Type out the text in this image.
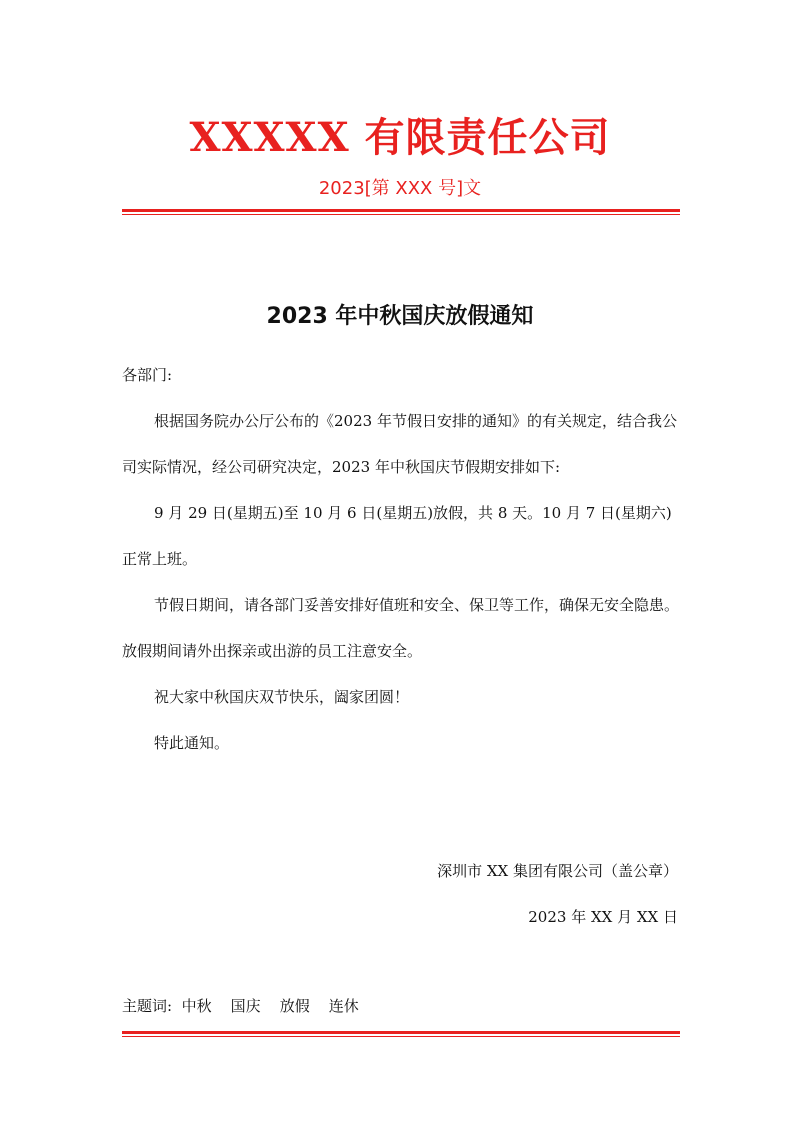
XXXXX 有限责任公司
2023[第 XXX 号]文
2023 年中秋国庆放假通知

各部门:

根据国务院办公厅公布的《2023 年节假日安排的通知》的有关规定，结合我公司实际情况，经公司研究决定，2023 年中秋国庆节假期安排如下:

9 月 29 日(星期五)至 10 月 6 日(星期五)放假，共 8 天。10 月 7 日(星期六)正常上班。

节假日期间，请各部门妥善安排好值班和安全、保卫等工作，确保无安全隐患。放假期间请外出探亲或出游的员工注意安全。

祝大家中秋国庆双节快乐，阖家团圆！

特此通知。

深圳市 XX 集团有限公司（盖公章）
2023 年 XX 月 XX 日
主题词:  中秋    国庆    放假    连休
